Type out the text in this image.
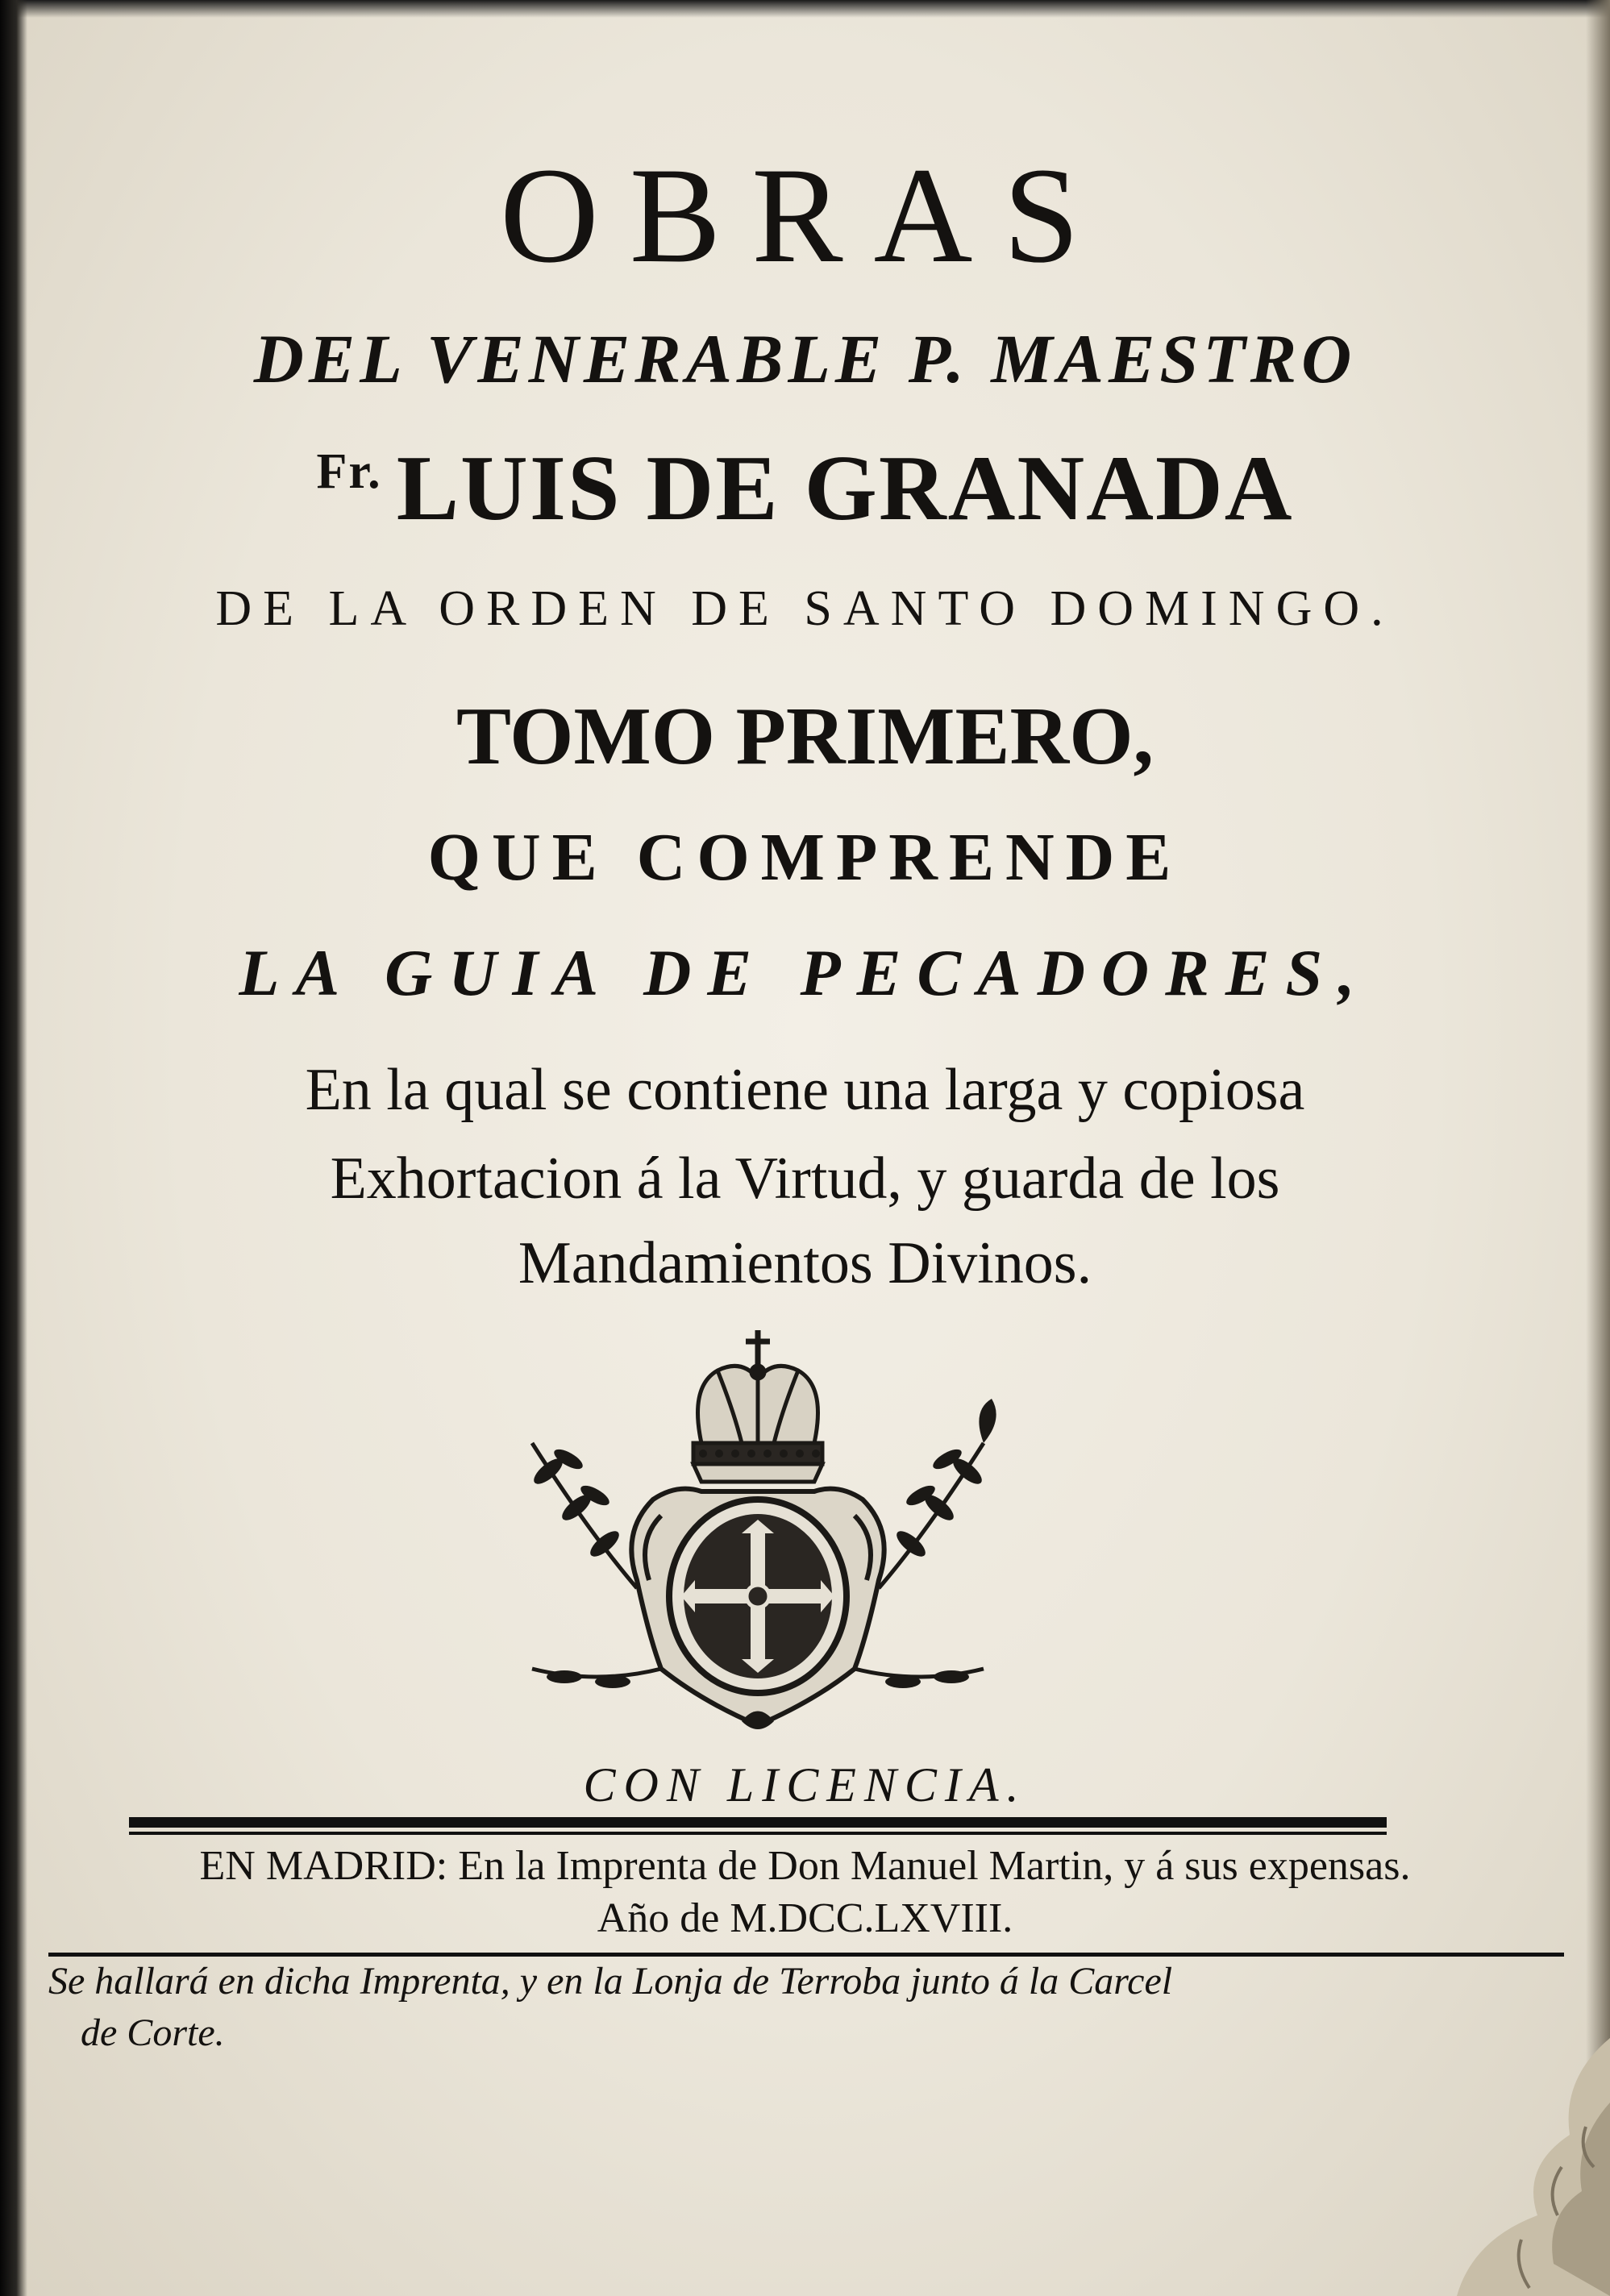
OBRAS
DEL VENERABLE P. MAESTRO
$^{Fr.}$ LUIS DE GRANADA
DE LA ORDEN DE SANTO DOMINGO.
TOMO PRIMERO,
QUE COMPRENDE
LA GUIA DE PECADORES,
En la qual se contiene una larga y copiosa
Exhortacion á la Virtud, y guarda de los
Mandamientos Divinos.
CON LICENCIA.
EN MADRID: En la Imprenta de Don Manuel Martin, y á sus expensas.
Año de M.DCC.LXVIII.
Se hallará en dicha Imprenta, y en la Lonja de Terroba junto á la Carcel
de Corte.
